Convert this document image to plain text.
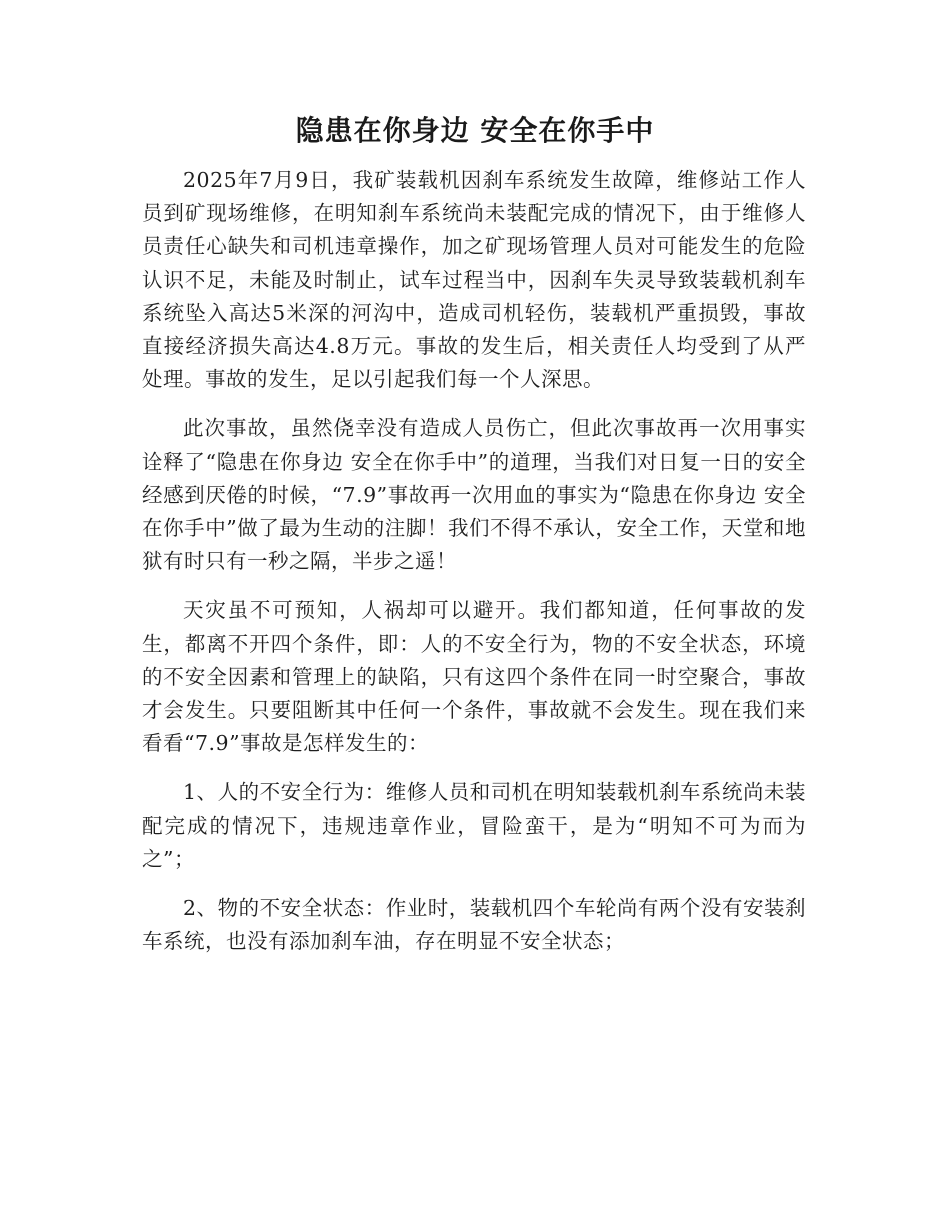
隐患在你身边 安全在你手中

2025年7月9日，我矿装载机因刹车系统发生故障，维修站工作人员到矿现场维修，在明知刹车系统尚未装配完成的情况下，由于维修人员责任心缺失和司机违章操作，加之矿现场管理人员对可能发生的危险认识不足，未能及时制止，试车过程当中，因刹车失灵导致装载机刹车系统坠入高达5米深的河沟中，造成司机轻伤，装载机严重损毁，事故直接经济损失高达4.8万元。事故的发生后，相关责任人均受到了从严处理。事故的发生，足以引起我们每一个人深思。

此次事故，虽然侥幸没有造成人员伤亡，但此次事故再一次用事实诠释了“隐患在你身边 安全在你手中”的道理，当我们对日复一日的安全经感到厌倦的时候，“7.9”事故再一次用血的事实为“隐患在你身边 安全在你手中”做了最为生动的注脚！我们不得不承认，安全工作，天堂和地狱有时只有一秒之隔，半步之遥！

天灾虽不可预知，人祸却可以避开。我们都知道，任何事故的发生，都离不开四个条件，即：人的不安全行为，物的不安全状态，环境的不安全因素和管理上的缺陷，只有这四个条件在同一时空聚合，事故才会发生。只要阻断其中任何一个条件，事故就不会发生。现在我们来看看“7.9”事故是怎样发生的：

1、人的不安全行为：维修人员和司机在明知装载机刹车系统尚未装配完成的情况下，违规违章作业，冒险蛮干，是为“明知不可为而为之”；

2、物的不安全状态：作业时，装载机四个车轮尚有两个没有安装刹车系统，也没有添加刹车油，存在明显不安全状态；
